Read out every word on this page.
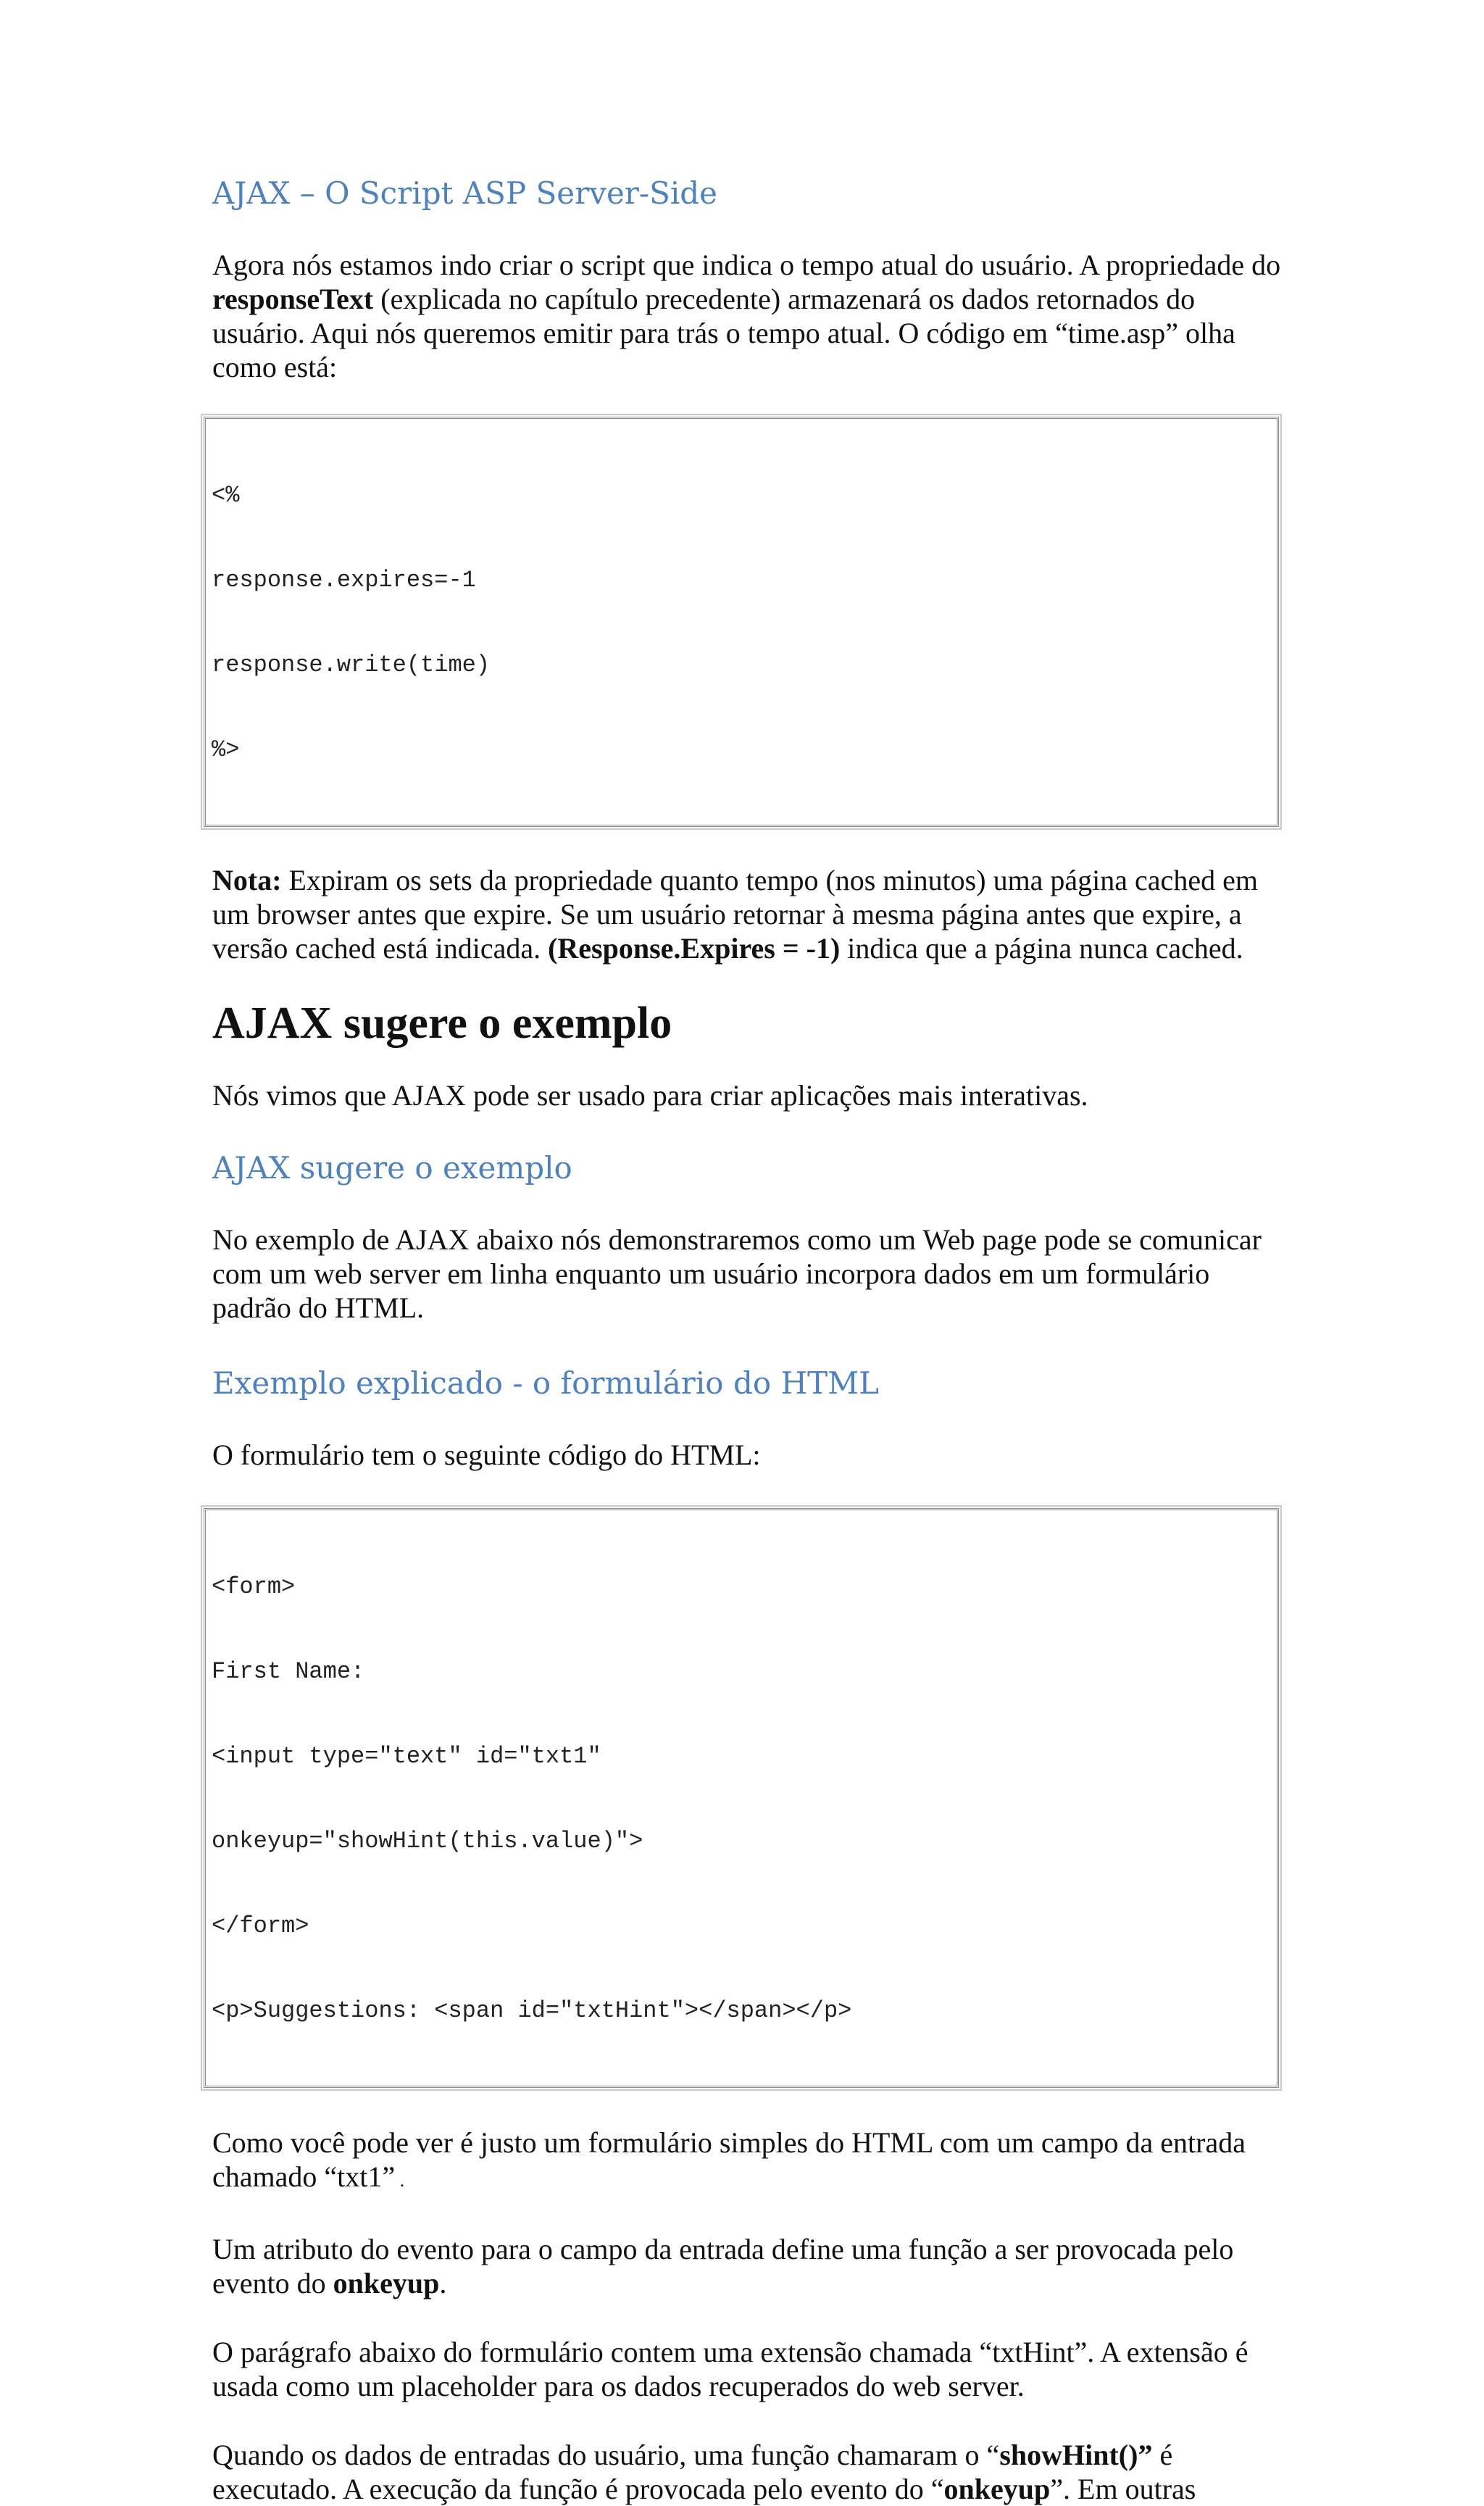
AJAX – O Script ASP Server-Side

Agora nós estamos indo criar o script que indica o tempo atual do usuário. A propriedade do responseText (explicada no capítulo precedente) armazenará os dados retornados do usuário. Aqui nós queremos emitir para trás o tempo atual. O código em “time.asp” olha como está:

<%

response.expires=-1

response.write(time)

%>

Nota: Expiram os sets da propriedade quanto tempo (nos minutos) uma página cached em um browser antes que expire. Se um usuário retornar à mesma página antes que expire, a versão cached está indicada. (Response.Expires = -1) indica que a página nunca cached.

AJAX sugere o exemplo

Nós vimos que AJAX pode ser usado para criar aplicações mais interativas.

AJAX sugere o exemplo

No exemplo de AJAX abaixo nós demonstraremos como um Web page pode se comunicar com um web server em linha enquanto um usuário incorpora dados em um formulário padrão do HTML.

Exemplo explicado - o formulário do HTML

O formulário tem o seguinte código do HTML:

<form>

First Name:

<input type="text" id="txt1"

onkeyup="showHint(this.value)">

</form>

<p>Suggestions: <span id="txtHint"></span></p>

Como você pode ver é justo um formulário simples do HTML com um campo da entrada chamado “txt1” .

Um atributo do evento para o campo da entrada define uma função a ser provocada pelo evento do onkeyup.

O parágrafo abaixo do formulário contem uma extensão chamada “txtHint”. A extensão é usada como um placeholder para os dados recuperados do web server.

Quando os dados de entradas do usuário, uma função chamaram o “showHint()” é executado. A execução da função é provocada pelo evento do “onkeyup”. Em outras
